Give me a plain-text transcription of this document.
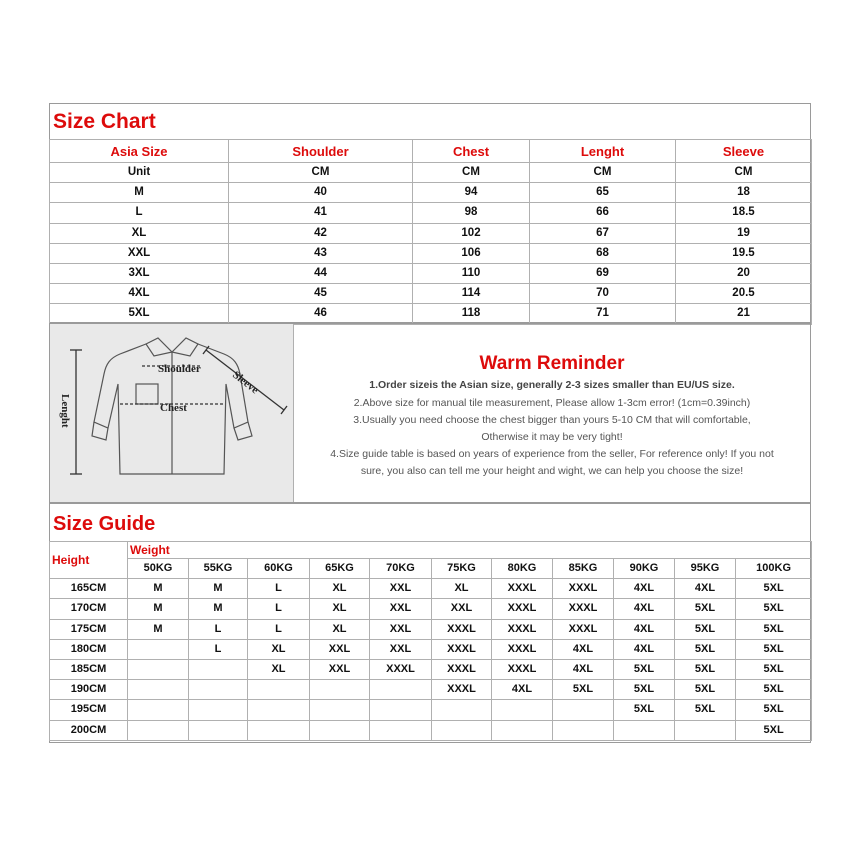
Size Chart
Asia Size	Shoulder	Chest	Lenght	Sleeve
Unit	CM	CM	CM	CM
M	40	94	65	18
L	41	98	66	18.5
XL	42	102	67	19
XXL	43	106	68	19.5
3XL	44	110	69	20
4XL	45	114	70	20.5
5XL	46	118	71	21
Shoulder
Chest
Sleeve
Lenght
Warm Reminder
1.Order sizeis the Asian size, generally 2-3 sizes smaller than EU/US size.
2.Above size for manual tile measurement, Please allow 1-3cm error! (1cm=0.39inch)
3.Usually you need choose the chest bigger than yours 5-10 CM that will comfortable,
Otherwise it may be very tight!
4.Size guide table is based on years of experience from the seller, For reference only! If you not
sure, you also can tell me your height and wight, we can help you choose the size!
Size Guide
Height	Weight										
	50KG	55KG	60KG	65KG	70KG	75KG	80KG	85KG	90KG	95KG	100KG
165CM	M	M	L	XL	XXL	XL	XXXL	XXXL	4XL	4XL	5XL
170CM	M	M	L	XL	XXL	XXL	XXXL	XXXL	4XL	5XL	5XL
175CM	M	L	L	XL	XXL	XXXL	XXXL	XXXL	4XL	5XL	5XL
180CM		L	XL	XXL	XXL	XXXL	XXXL	4XL	4XL	5XL	5XL
185CM			XL	XXL	XXXL	XXXL	XXXL	4XL	5XL	5XL	5XL
190CM						XXXL	4XL	5XL	5XL	5XL	5XL
195CM									5XL	5XL	5XL
200CM											5XL
